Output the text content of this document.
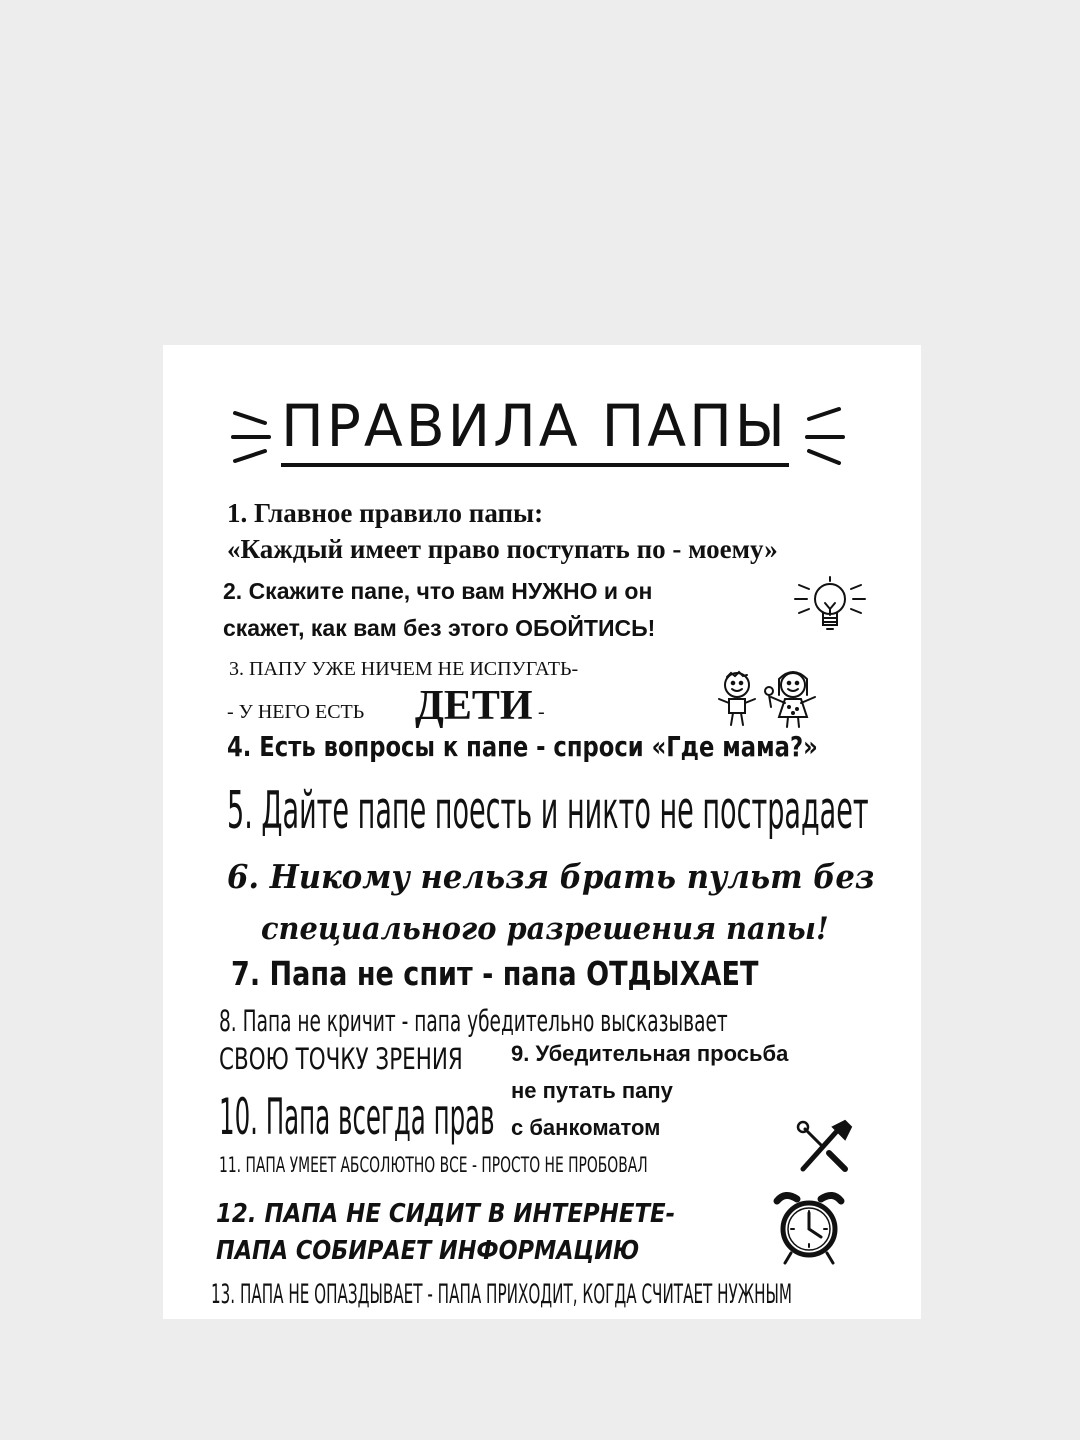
ПРАВИЛА ПАПЫ
1. Главное правило папы:
«Каждый имеет право поступать по - моему»
2. Скажите папе, что вам НУЖНО и он
скажет, как вам без этого ОБОЙТИСЬ!
3. ПАПУ УЖЕ НИЧЕМ НЕ ИСПУГАТЬ-
- У НЕГО ЕСТЬ ДЕТИ -
4. Есть вопросы к папе - спроси «Где мама?»
5. Дайте папе поесть и никто не пострадает
6. Никому нельзя брать пульт без
специального разрешения папы!
7. Папа не спит - папа ОТДЫХАЕТ
8. Папа не кричит - папа убедительно высказывает
СВОЮ ТОЧКУ ЗРЕНИЯ 9. Убедительная просьба
не путать папу
с банкоматом
10. Папа всегда прав
11. ПАПА УМЕЕТ АБСОЛЮТНО ВСЕ - ПРОСТО НЕ ПРОБОВАЛ
12. ПАПА НЕ СИДИТ В ИНТЕРНЕТЕ-
ПАПА СОБИРАЕТ ИНФОРМАЦИЮ
13. ПАПА НЕ ОПАЗДЫВАЕТ - ПАПА ПРИХОДИТ, КОГДА СЧИТАЕТ НУЖНЫМ
